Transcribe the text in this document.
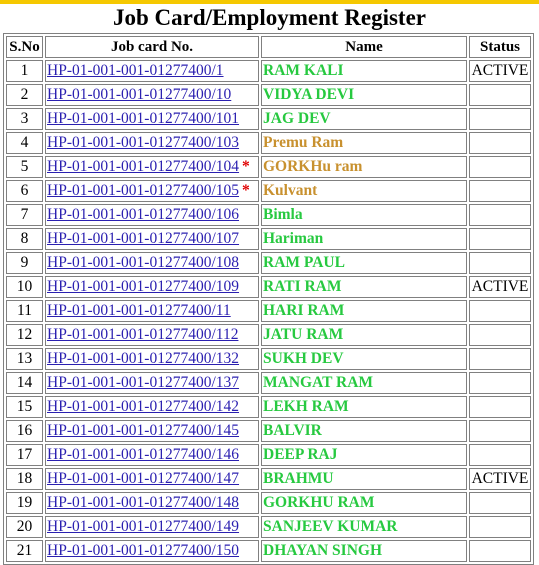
Job Card/Employment Register
S.No	Job card No.	Name	Status
1	HP-01-001-001-01277400/1	RAM KALI	ACTIVE
2	HP-01-001-001-01277400/10	VIDYA DEVI	
3	HP-01-001-001-01277400/101	JAG DEV	
4	HP-01-001-001-01277400/103	Premu Ram	
5	HP-01-001-001-01277400/104 *	GORKHu ram	
6	HP-01-001-001-01277400/105 *	Kulvant	
7	HP-01-001-001-01277400/106	Bimla	
8	HP-01-001-001-01277400/107	Hariman	
9	HP-01-001-001-01277400/108	RAM PAUL	
10	HP-01-001-001-01277400/109	RATI RAM	ACTIVE
11	HP-01-001-001-01277400/11	HARI RAM	
12	HP-01-001-001-01277400/112	JATU RAM	
13	HP-01-001-001-01277400/132	SUKH DEV	
14	HP-01-001-001-01277400/137	MANGAT RAM	
15	HP-01-001-001-01277400/142	LEKH RAM	
16	HP-01-001-001-01277400/145	BALVIR	
17	HP-01-001-001-01277400/146	DEEP RAJ	
18	HP-01-001-001-01277400/147	BRAHMU	ACTIVE
19	HP-01-001-001-01277400/148	GORKHU RAM	
20	HP-01-001-001-01277400/149	SANJEEV KUMAR	
21	HP-01-001-001-01277400/150	DHAYAN SINGH	
